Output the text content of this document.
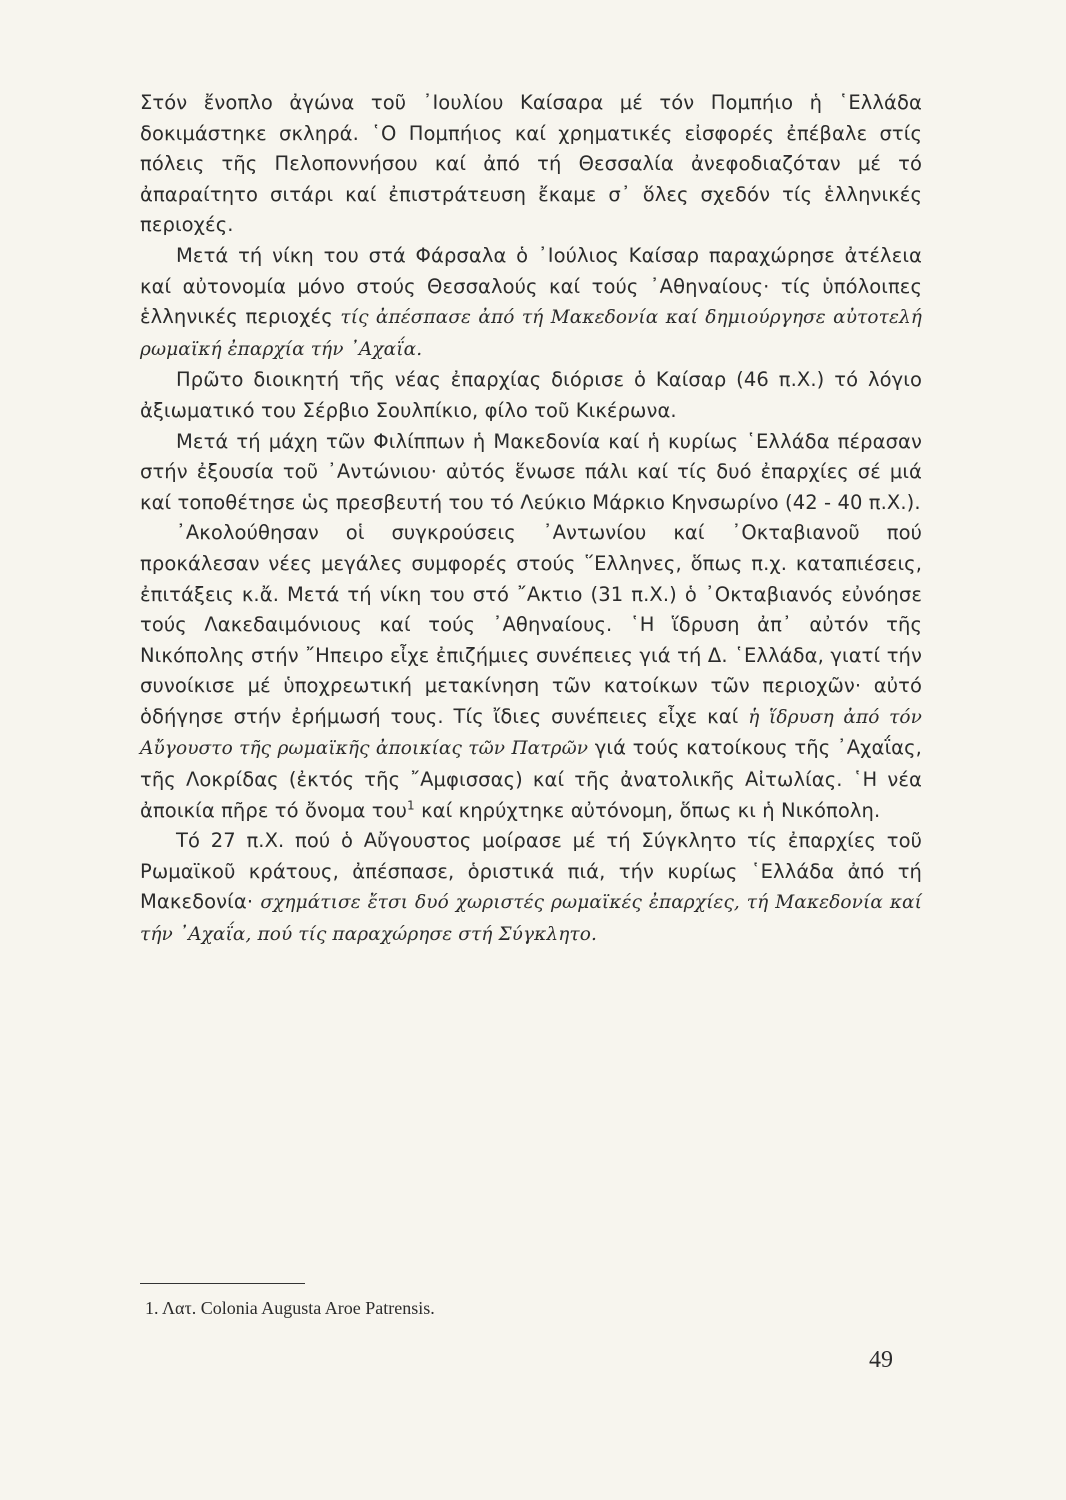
Στόν ἔνοπλο ἀγώνα τοῦ ᾿Ιουλίου Καίσαρα μέ τόν Πομπήιο ἡ ῾Ελλάδα δοκιμάστηκε σκληρά. ῾Ο Πομπήιος καί χρηματικές εἰσφορές ἐπέβαλε στίς πόλεις τῆς Πελοποννήσου καί ἀπό τή Θεσσαλία ἀνεφοδιαζόταν μέ τό ἀπαραίτητο σιτάρι καί ἐπιστράτευση ἔκαμε σ᾿ ὅλες σχεδόν τίς ἑλληνικές περιοχές.

Μετά τή νίκη του στά Φάρσαλα ὁ ᾿Ιούλιος Καίσαρ παραχώρησε ἀτέλεια καί αὐτονομία μόνο στούς Θεσσαλούς καί τούς ᾿Αθηναίους· τίς ὑπόλοιπες ἑλληνικές περιοχές τίς ἀπέσπασε ἀπό τή Μακεδονία καί δημιούργησε αὐτοτελή ρωμαϊκή ἐπαρχία τήν ᾿Αχαΐα.

Πρῶτο διοικητή τῆς νέας ἐπαρχίας διόρισε ὁ Καίσαρ (46 π.Χ.) τό λόγιο ἀξιωματικό του Σέρβιο Σουλπίκιο, φίλο τοῦ Κικέρωνα.

Μετά τή μάχη τῶν Φιλίππων ἡ Μακεδονία καί ἡ κυρίως ῾Ελλάδα πέρασαν στήν ἐξουσία τοῦ ᾿Αντώνιου· αὐτός ἕνωσε πάλι καί τίς δυό ἐπαρχίες σέ μιά καί τοποθέτησε ὡς πρεσβευτή του τό Λεύκιο Μάρκιο Κηνσωρίνο (42 - 40 π.Χ.).

᾿Ακολούθησαν οἱ συγκρούσεις ᾿Αντωνίου καί ᾿Οκταβιανοῦ πού προκάλεσαν νέες μεγάλες συμφορές στούς ῞Ελληνες, ὅπως π.χ. καταπιέσεις, ἐπιτάξεις κ.ἄ. Μετά τή νίκη του στό ῎Ακτιο (31 π.Χ.) ὁ ᾿Οκταβιανός εὐνόησε τούς Λακεδαιμόνιους καί τούς ᾿Αθηναίους. ῾Η ἵδρυση ἀπ᾿ αὐτόν τῆς Νικόπολης στήν ῎Ηπειρο εἶχε ἐπιζήμιες συνέπειες γιά τή Δ. ῾Ελλάδα, γιατί τήν συνοίκισε μέ ὑποχρεωτική μετακίνηση τῶν κατοίκων τῶν περιοχῶν· αὐτό ὁδήγησε στήν ἐρήμωσή τους. Τίς ἴδιες συνέπειες εἶχε καί ἡ ἵδρυση ἀπό τόν Αὔγουστο τῆς ρωμαϊκῆς ἀποικίας τῶν Πατρῶν γιά τούς κατοίκους τῆς ᾿Αχαΐας, τῆς Λοκρίδας (ἐκτός τῆς ῎Αμφισσας) καί τῆς ἀνατολικῆς Αἰτωλίας. ῾Η νέα ἀποικία πῆρε τό ὄνομα του$^1$ καί κηρύχτηκε αὐτόνομη, ὅπως κι ἡ Νικόπολη.

Τό 27 π.Χ. πού ὁ Αὔγουστος μοίρασε μέ τή Σύγκλητο τίς ἐπαρχίες τοῦ Ρωμαϊκοῦ κράτους, ἀπέσπασε, ὁριστικά πιά, τήν κυρίως ῾Ελλάδα ἀπό τή Μακεδονία· σχημάτισε ἔτσι δυό χωριστές ρωμαϊκές ἐπαρχίες, τή Μακεδονία καί τήν ᾿Αχαΐα, πού τίς παραχώρησε στή Σύγκλητο.

1. Λατ. Colonia Augusta Aroe Patrensis.
49
